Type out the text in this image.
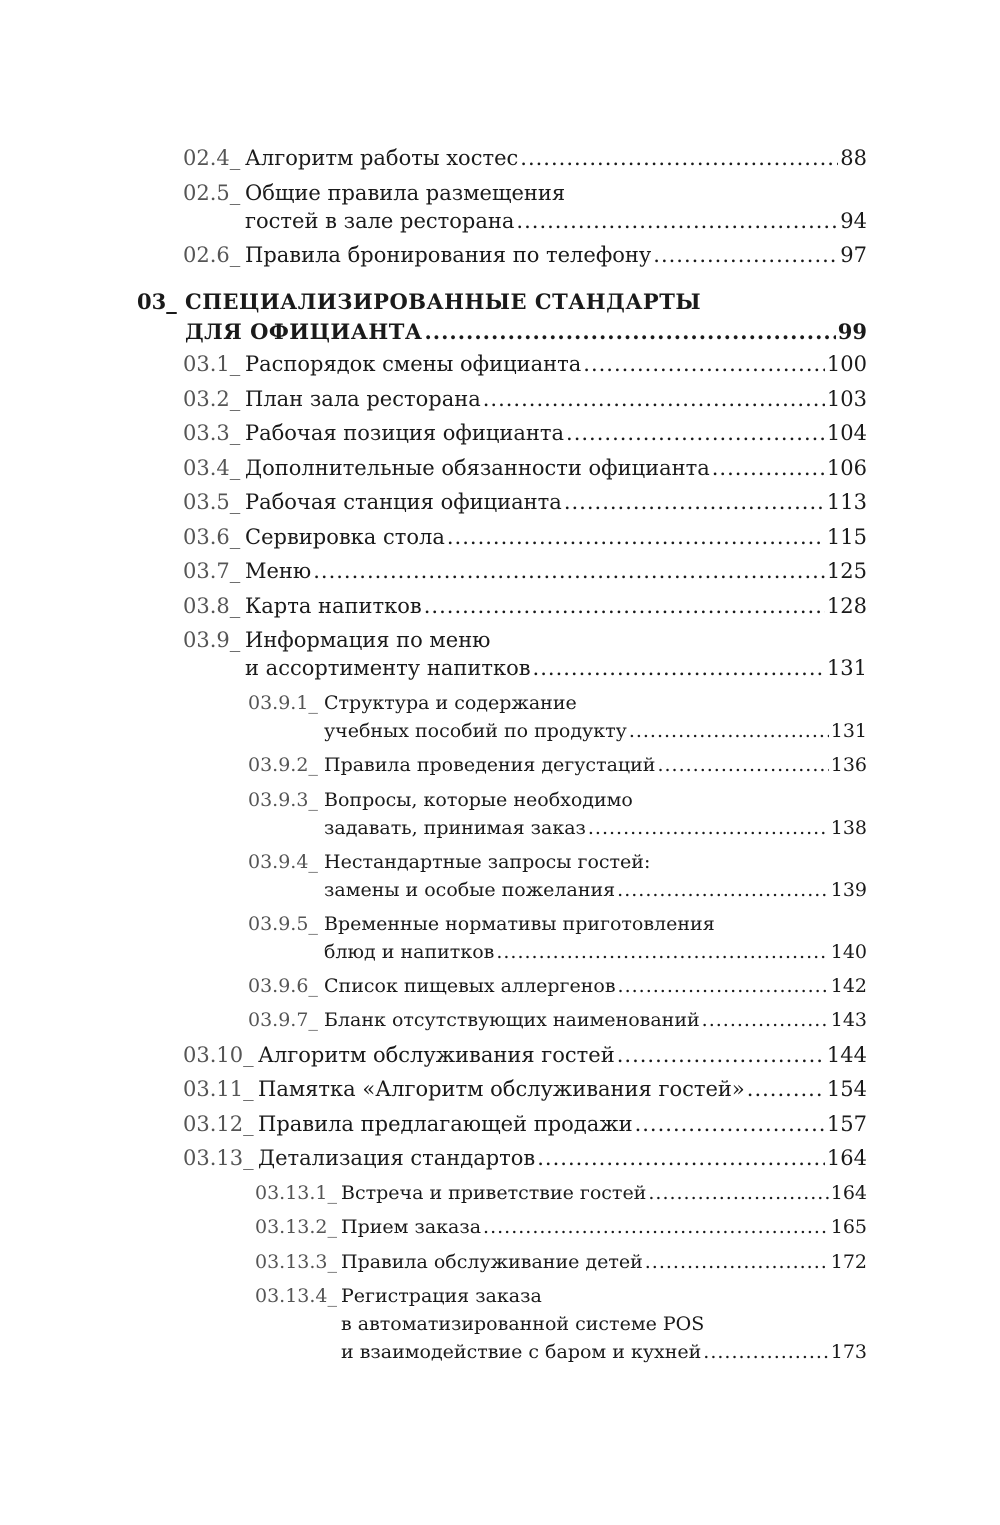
02.4_ Алгоритм работы хостес .....	88
02.5_ Общие правила размещения
гостей в зале ресторана .....	94
02.6_ Правила бронирования по телефону .....	97
03_ СПЕЦИАЛИЗИРОВАННЫЕ СТАНДАРТЫ
ДЛЯ ОФИЦИАНТА .....	99
03.1_ Распорядок смены официанта .....	100
03.2_ План зала ресторана .....	103
03.3_ Рабочая позиция официанта .....	104
03.4_ Дополнительные обязанности официанта .....	106
03.5_ Рабочая станция официанта .....	113
03.6_ Сервировка стола .....	115
03.7_ Меню .....	125
03.8_ Карта напитков .....	128
03.9_ Информация по меню
и ассортименту напитков .....	131
03.9.1_ Структура и содержание
учебных пособий по продукту .....	131
03.9.2_ Правила проведения дегустаций .....	136
03.9.3_ Вопросы, которые необходимо
задавать, принимая заказ .....	138
03.9.4_ Нестандартные запросы гостей:
замены и особые пожелания .....	139
03.9.5_ Временные нормативы приготовления
блюд и напитков .....	140
03.9.6_ Список пищевых аллергенов .....	142
03.9.7_ Бланк отсутствующих наименований .....	143
03.10_ Алгоритм обслуживания гостей .....	144
03.11_ Памятка «Алгоритм обслуживания гостей» .....	154
03.12_ Правила предлагающей продажи .....	157
03.13_ Детализация стандартов .....	164
03.13.1_ Встреча и приветствие гостей .....	164
03.13.2_ Прием заказа .....	165
03.13.3_ Правила обслуживание детей .....	172
03.13.4_ Регистрация заказа
в автоматизированной системе POS
и взаимодействие с баром и кухней .....	173
